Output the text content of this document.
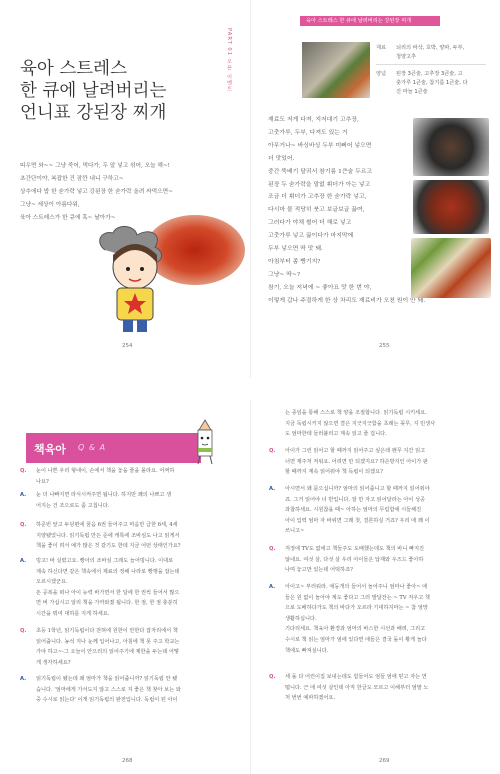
육아 스트레스
한 큐에 날려버리는
언니표 강된장 찌개
PART 01 오픈 이벤트
띠우면 와~~ 그냥 죽어, 먹다가, 두 알 넣고 섞어, 오늘 해~!
초간단이야, 복잡한 건 잠깐 내니 구하고~
상추에다 밥 한 숟가락 넣고 강된장 한 숟가락 올려 싸먹으면~
그냥~ 세상이 아름다워,
육아 스트레스가 한 큐에 훅~ 날아가~
254
육아 스트레스 한 큐에 날려버리는 강된장 찌개
재료	뇌리의 바삭, 호박, 양파, 두부,
청양고추
양념	된장 3큰술, 고추장 3큰술, 고
춧가루 1큰술, 참기름 1큰술, 다
진 마늘 1큰술
재료도 저게 다져, 지저대기 고추장,
고춧가루, 두부, 다져도 있는 거
아무거나~ 바싱바싱 두부 미뻐어 넣으면
더 맛있어.
중간 뚝배기 달궈서 참기름 1큰술 두르고
된장 두 숟가락을 말없 휘더가 아는 넣고
조금 더 휘더가 고추장 한 숟가락 넣고,
다시마 물 적당히 붓고 보글보글 끓여,
그러다가 야채 썰어 더 해로 넣고
고춧가루 넣고 끓이다가 마지막에
두부 넣으면 딱 맛 돼.
아침부터 좀 빵기지?
그냥~ 딱~?
참기, 오늘 저녁에 ~ 좋아요 맛 한 번 야,
이렇게 갑나 주절하게 한 상 차리도 재료비가 오천 원이 안 돼.
255
책육아 Q & A
Q. 눈이 나쁜 우리 형네이, 손에서 책을 놓을 줄을 몰라요. 어쩌하
나요?
A. 눈 더 나빠지면 라식시켜주면 됩니다. 하지만 꽤의 나쁘고 생
어지는 건 조으로도 좀 고칩니다.
Q. 하준빈 앞고 두딩편에 꿈음 6권 들어주고 마음만 급한 6세, 4세
지양됐었니다. 읽기독립 만든 준에 캐톡에 조바심도 나고 읽게서
책을 좋이 려서 예가 많은 것 같기도 한데 지금 어떤 상태인가요?
A. 빙고! 바 실렸고요. 빵아의 조바심 그래도 늘어빙니다. 이대로
계속 하신다면 같은 책속에서 제료의 정해 나라로 빵행을 잡는데
오르시겠군요.
돈 공복을 떠나 아이 능력 바가면서 한 달에 한 권씩 들어서 많으
면 버 가십시고 알리 책을 가까와졌 됩니다. 한 점, 한 점 충분히
시간을 뭐여 대하를 지게 하세요.
Q. 초등 1학년, 읽기독립이다 전혀에 원한이 만한다 잡자리에서 책
읽어줍니다. 농석 지나 눈께 입어나고, 아침에 책 못 주고 학교는
가야 하고~-그 오늘이 안으러의 읽어주기에 제한을 두는데 어떻
게 생각하세요?
A. 읽기독립이 됐는데 왜 엄마가 책을 읽어줍니까? 읽기독립 안 됐
습니다. '엄마에게 가서도지 않고 스스로 지 좋은 책 찾아 보는 와
중 수시로 읽는다' 이게 읽기독립의 완전입니다. 독립이 된 아이
268
는 종임을 통해 스스로 책 양을 조절합니다. 읽기독립 시키세요.
지금 독립시키지 않으면 결은 지긋지긋함을 초래는 꽂무, 지 민생사
도 엄마한테 들러붙리고 계속 읽고 줄 겁니다.
Q. 아이가 그런 읽어고 할 때까지 읽어주고 싶은데 왠무 지간 읽고
너면 제주처 저워요. 어려면 만 되겠지요? 하손방지인 아이가 판
할 때까지 계속 읽어줘야 책 독립이 되겠요?
A. 아시면서 왜 묻으십니까? 엄마의 읽어줍니고 할 때까지 읽어줘야
죠. 그거 읽어야 너 반입니다. 잘 만 자고 읽어달라는 아이 성공
과찰하세요. 시원찮을 때~ 아하는 엄마의 무림함에 시들해진
아이 입력 엄마 자 바위면 그래 첫, 결론하실 거죠? 우리 애 꽤 이
쓰니고~
Q. 걱정에 TV도 없애고 책들주도 도배했는데도 책의 바니 빠지진
않네요. 여섯 살, 다섯 살 우리 아이들은 답재와 우즈드 좋아하
나며 놓고만 있는데 어떡하죠?
A. 아이고~ 부러워라. 애둥개의 들어서 놀어주니 엄마나 좋아~ 애
들은 원 없이 놀아야 계도 좋다고 그러 발달잔는 ~ TV 저우고 책
으로 도배하다가도 책의 바다가 오르라 기대하지마는 ~ 참 엉망
생활하십니다.
기다리세요. 책육아 환경과 엄마의 바스한 시선과 배려, 그리고
수시로 책 읽는 엄마가 엄에 있다면 애들은 결국 돌이 황게 놀다
책에도 빠져실니다.
Q. 세 돌 다 어린이집 보내는데도 힘들어도 엄들 엄애 믿고 자는 연
떱니다. 근 애 여섯 살인데 아직 한글도 모르고 이해부터 엄말 노
처 번번 예파하겠어요.
269
